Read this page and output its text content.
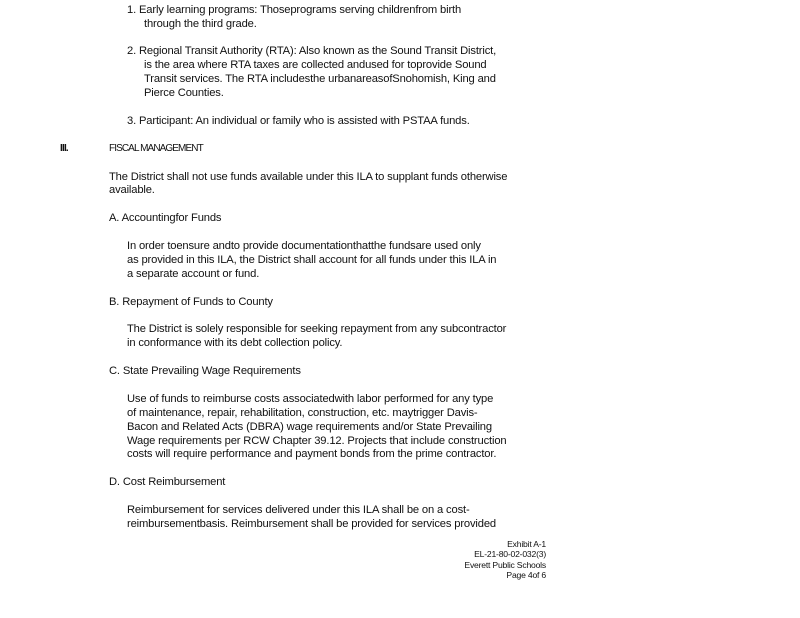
1. Early learning programs: Thoseprograms serving childrenfrom birth
through the third grade.
2. Regional Transit Authority (RTA): Also known as the Sound Transit District,
is the area where RTA taxes are collected andused for toprovide Sound
Transit services. The RTA includesthe urbanareasofSnohomish, King and
Pierce Counties.
3. Participant: An individual or family who is assisted with PSTAA funds.
III.	FISCAL MANAGEMENT
The District shall not use funds available under this ILA to supplant funds otherwise
available.
A. Accountingfor Funds
In order toensure andto provide documentationthatthe fundsare used only
as provided in this ILA, the District shall account for all funds under this ILA in
a separate account or fund.
B. Repayment of Funds to County
The District is solely responsible for seeking repayment from any subcontractor
in conformance with its debt collection policy.
C. State Prevailing Wage Requirements
Use of funds to reimburse costs associatedwith labor performed for any type
of maintenance, repair, rehabilitation, construction, etc. maytrigger Davis-
Bacon and Related Acts (DBRA) wage requirements and/or State Prevailing
Wage requirements per RCW Chapter 39.12. Projects that include construction
costs will require performance and payment bonds from the prime contractor.
D. Cost Reimbursement
Reimbursement for services delivered under this ILA shall be on a cost-
reimbursementbasis. Reimbursement shall be provided for services provided
Exhibit A-1
EL-21-80-02-032(3)
Everett Public Schools
Page 4of 6
